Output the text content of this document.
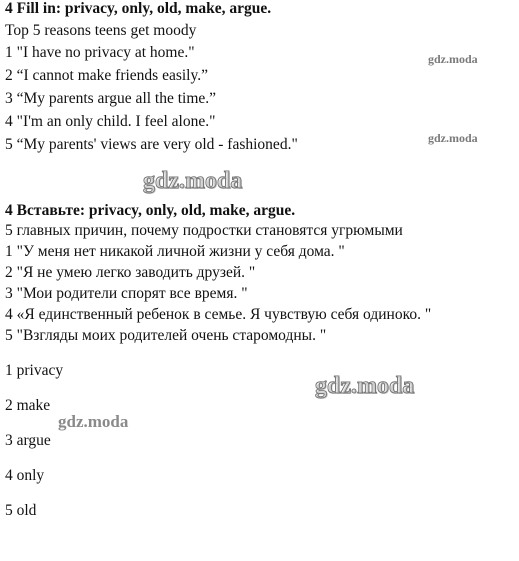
4 Fill in: privacy, only, old, make, argue.
Top 5 reasons teens get moody
1 "I have no privacy at home."
2 “I cannot make friends easily.”
3 “My parents argue all the time.”
4 "I'm an only child. I feel alone."
5 “My parents' views are very old - fashioned."
4 Вставьте: privacy, only, old, make, argue.
5 главных причин, почему подростки становятся угрюмыми
1 "У меня нет никакой личной жизни у себя дома. "
2 "Я не умею легко заводить друзей. "
3 "Мои родители спорят все время. "
4 «Я единственный ребенок в семье. Я чувствую себя одиноко. "
5 "Взгляды моих родителей очень старомодны. "
1 privacy
2 make
3 argue
4 only
5 old
gdz.moda
gdz.moda
gdz.moda
gdz.moda
gdz.moda
